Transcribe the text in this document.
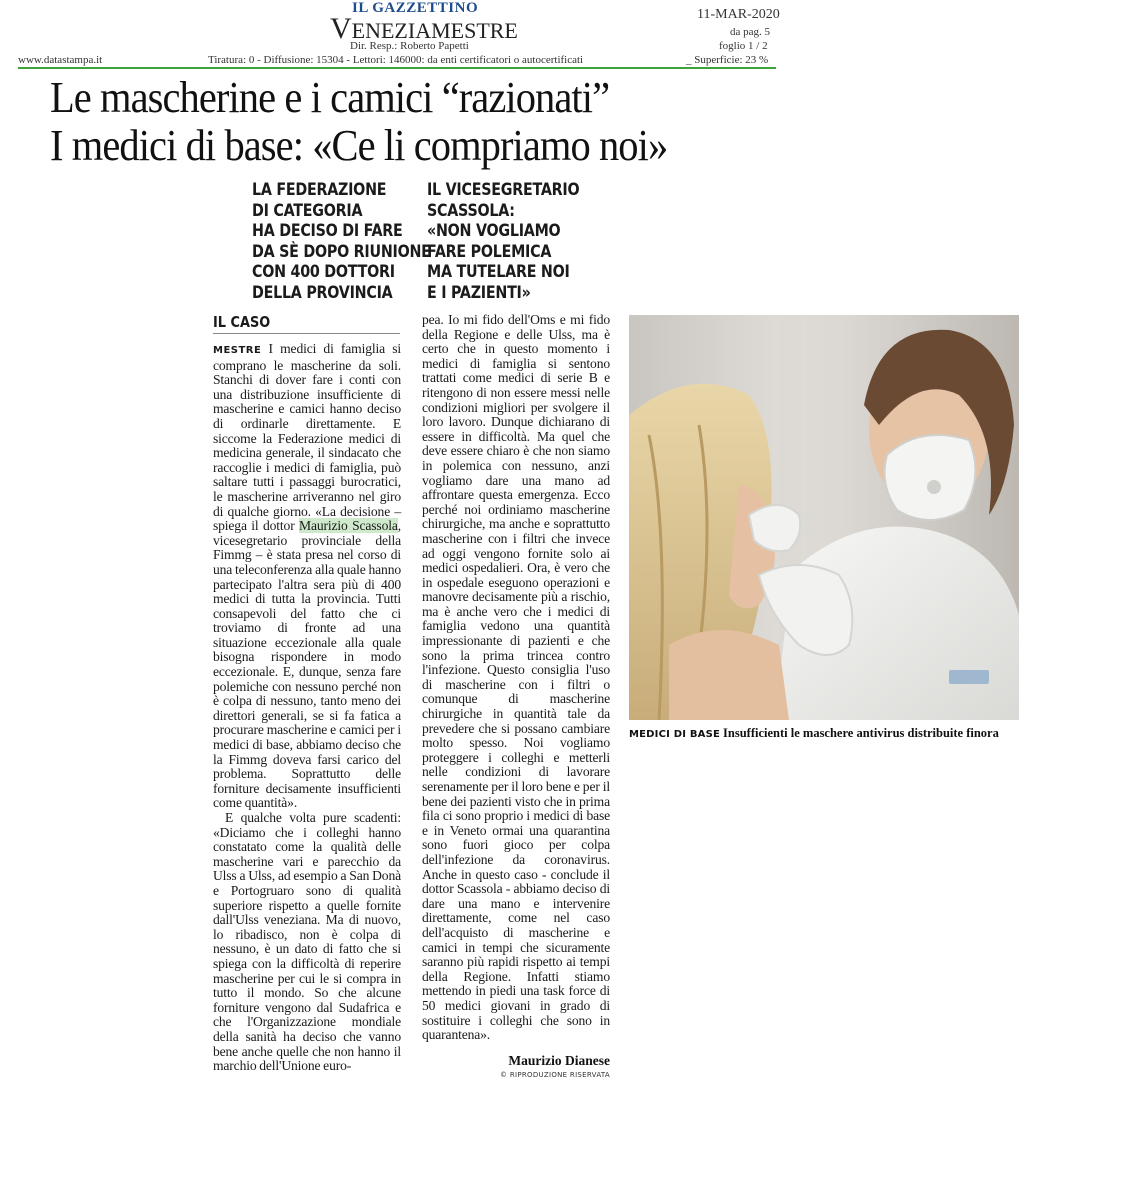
IL GAZZETTINO
VENEZIAMESTRE
Dir. Resp.: Roberto Papetti
www.datastampa.it	Tiratura: 0 - Diffusione: 15304 - Lettori: 146000: da enti certificatori o autocertificati
11-MAR-2020
da pag. 5
foglio 1 / 2
_ Superficie: 23 %
Le mascherine e i camici “razionati”
I medici di base: «Ce li compriamo noi»
LA FEDERAZIONE
DI CATEGORIA
HA DECISO DI FARE
DA SÈ DOPO RIUNIONE
CON 400 DOTTORI
DELLA PROVINCIA
IL VICESEGRETARIO
SCASSOLA:
«NON VOGLIAMO
FARE POLEMICA
MA TUTELARE NOI
E I PAZIENTI»
IL CASO

MESTRE I medici di famiglia si comprano le mascherine da soli. Stanchi di dover fare i conti con una distribuzione insufficiente di mascherine e camici hanno deciso di ordinarle direttamente. E siccome la Federazione medici di medicina generale, il sindacato che raccoglie i medici di famiglia, può saltare tutti i passaggi burocratici, le mascherine arriveranno nel giro di qualche giorno. «La decisione – spiega il dottor Maurizio Scassola, vicesegretario provinciale della Fimmg – è stata presa nel corso di una teleconferenza alla quale hanno partecipato l'altra sera più di 400 medici di tutta la provincia. Tutti consapevoli del fatto che ci troviamo di fronte ad una situazione eccezionale alla quale bisogna rispondere in modo eccezionale. E, dunque, senza fare polemiche con nessuno perché non è colpa di nessuno, tanto meno dei direttori generali, se si fa fatica a procurare mascherine e camici per i medici di base, abbiamo deciso che la Fimmg doveva farsi carico del problema. Soprattutto delle forniture decisamente insufficienti come quantità».

E qualche volta pure scadenti: «Diciamo che i colleghi hanno constatato come la qualità delle mascherine vari e parecchio da Ulss a Ulss, ad esempio a San Donà e Portogruaro sono di qualità superiore rispetto a quelle fornite dall'Ulss veneziana. Ma di nuovo, lo ribadisco, non è colpa di nessuno, è un dato di fatto che si spiega con la difficoltà di reperire mascherine per cui le si compra in tutto il mondo. So che alcune forniture vengono dal Sudafrica e che l'Organizzazione mondiale della sanità ha deciso che vanno bene anche quelle che non hanno il marchio dell'Unione euro-

pea. Io mi fido dell'Oms e mi fido della Regione e delle Ulss, ma è certo che in questo momento i medici di famiglia si sentono trattati come medici di serie B e ritengono di non essere messi nelle condizioni migliori per svolgere il loro lavoro. Dunque dichiarano di essere in difficoltà. Ma quel che deve essere chiaro è che non siamo in polemica con nessuno, anzi vogliamo dare una mano ad affrontare questa emergenza. Ecco perché noi ordiniamo mascherine chirurgiche, ma anche e soprattutto mascherine con i filtri che invece ad oggi vengono fornite solo ai medici ospedalieri. Ora, è vero che in ospedale eseguono operazioni e manovre decisamente più a rischio, ma è anche vero che i medici di famiglia vedono una quantità impressionante di pazienti e che sono la prima trincea contro l'infezione. Questo consiglia l'uso di mascherine con i filtri o comunque di mascherine chirurgiche in quantità tale da prevedere che si possano cambiare molto spesso. Noi vogliamo proteggere i colleghi e metterli nelle condizioni di lavorare serenamente per il loro bene e per il bene dei pazienti visto che in prima fila ci sono proprio i medici di base e in Veneto ormai una quarantina sono fuori gioco per colpa dell'infezione da coronavirus. Anche in questo caso - conclude il dottor Scassola - abbiamo deciso di dare una mano e intervenire direttamente, come nel caso dell'acquisto di mascherine e camici in tempi che sicuramente saranno più rapidi rispetto ai tempi della Regione. Infatti stiamo mettendo in piedi una task force di 50 medici giovani in grado di sostituire i colleghi che sono in quarantena».

Maurizio Dianese
© RIPRODUZIONE RISERVATA
MEDICI DI BASE Insufficienti le maschere antivirus distribuite finora
